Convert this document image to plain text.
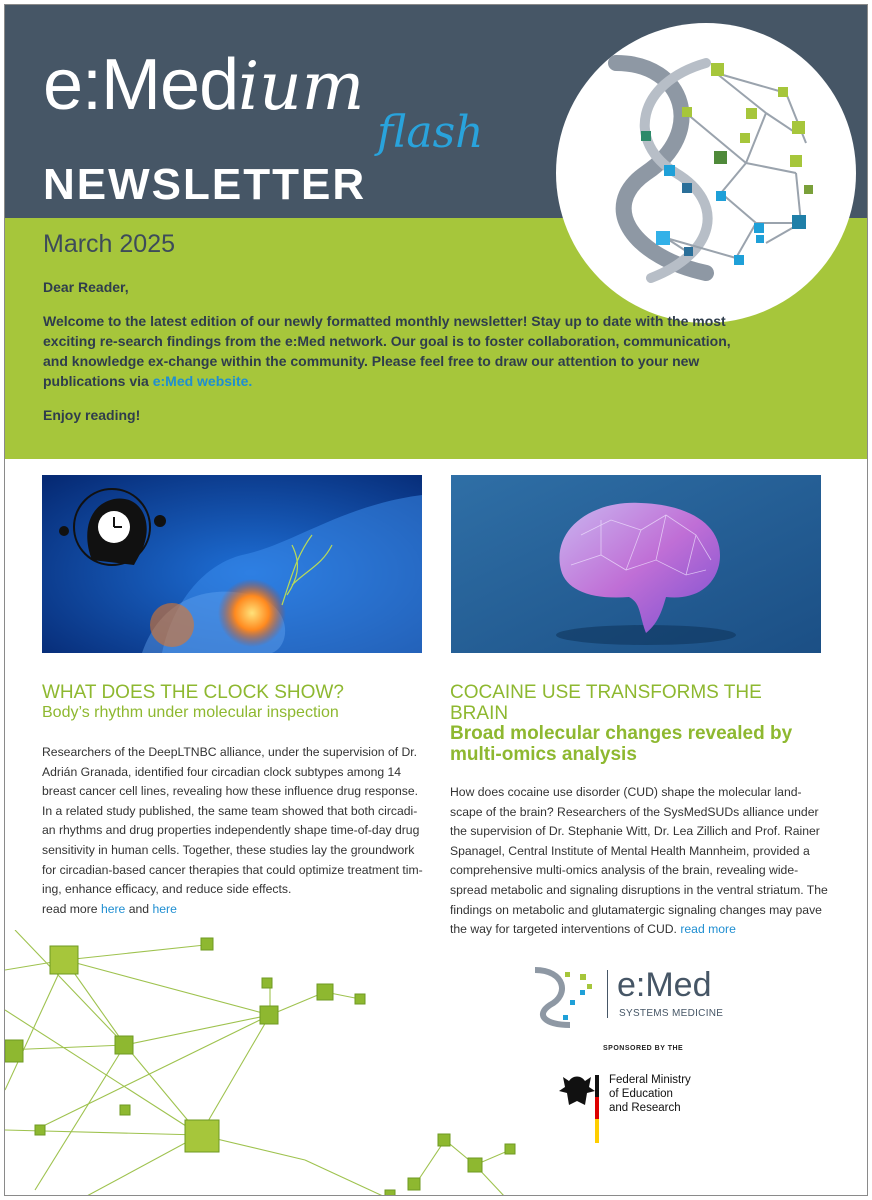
e:Medium
flash
NEWSLETTER
March 2025

Dear Reader,

Welcome to the latest edition of our newly formatted monthly newsletter! Stay up to date with the most exciting re-search findings from the e:Med network. Our goal is to foster collaboration, communication, and knowledge ex-change within the community. Please feel free to draw our attention to your new publications via e:Med website.

Enjoy reading!

WHAT DOES THE CLOCK SHOW?
Body’s rhythm under molecular inspection
Researchers of the DeepLTNBC alliance, under the supervision of Dr. Adrián Granada, identified four circadian clock subtypes among 14 breast cancer cell lines, revealing how these influence drug response. In a related study published, the same team showed that both circadi-an rhythms and drug properties independently shape time-of-day drug sensitivity in human cells. Together, these studies lay the groundwork for circadian-based cancer therapies that could optimize treatment tim-ing, enhance efficacy, and reduce side effects.
read more here and here
COCAINE USE TRANSFORMS THE
BRAIN
Broad molecular changes revealed by
multi-omics analysis
How does cocaine use disorder (CUD) shape the molecular land-scape of the brain? Researchers of the SysMedSUDs alliance under the supervision of Dr. Stephanie Witt, Dr. Lea Zillich and Prof. Rainer Spanagel, Central Institute of Mental Health Mannheim, provided a comprehensive multi-omics analysis of the brain, revealing wide-spread metabolic and signaling disruptions in the ventral striatum. The findings on metabolic and glutamatergic signaling changes may pave the way for targeted interventions of CUD. read more
e:Med
SYSTEMS MEDICINE
SPONSORED BY THE
Federal Ministry
of Education
and Research
